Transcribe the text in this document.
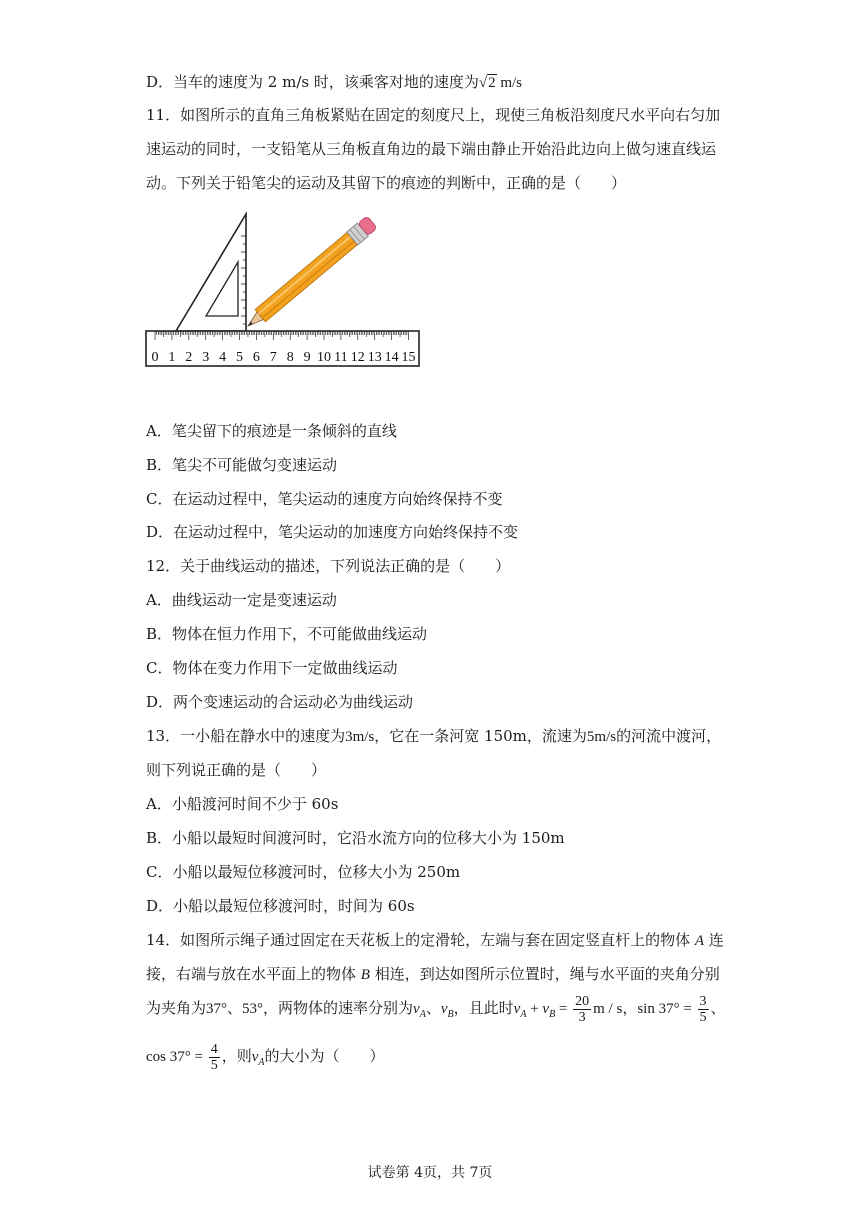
D．当车的速度为 2 m/s 时，该乘客对地的速度为√2 m/s
11．如图所示的直角三角板紧贴在固定的刻度尺上，现使三角板沿刻度尺水平向右匀加
速运动的同时，一支铅笔从三角板直角边的最下端由静止开始沿此边向上做匀速直线运
动。下列关于铅笔尖的运动及其留下的痕迹的判断中，正确的是（　　）
0 1 2 3 4 5 6 7 8 9 10 11 12 13 14 15
A．笔尖留下的痕迹是一条倾斜的直线
B．笔尖不可能做匀变速运动
C．在运动过程中，笔尖运动的速度方向始终保持不变
D．在运动过程中，笔尖运动的加速度方向始终保持不变
12．关于曲线运动的描述，下列说法正确的是（　　）
A．曲线运动一定是变速运动
B．物体在恒力作用下，不可能做曲线运动
C．物体在变力作用下一定做曲线运动
D．两个变速运动的合运动必为曲线运动
13．一小船在静水中的速度为3m/s，它在一条河宽 150m，流速为5m/s的河流中渡河，
则下列说正确的是（　　）
A．小船渡河时间不少于 60s
B．小船以最短时间渡河时，它沿水流方向的位移大小为 150m
C．小船以最短位移渡河时，位移大小为 250m
D．小船以最短位移渡河时，时间为 60s
14．如图所示绳子通过固定在天花板上的定滑轮，左端与套在固定竖直杆上的物体 A 连
接，右端与放在水平面上的物体 B 相连，到达如图所示位置时，绳与水平面的夹角分别
为夹角为37°、53°，两物体的速率分别为$v_A$、$v_B$，且此时$v_A + v_B = \frac{20}{3}$ m / s，$\sin 37^\circ = \frac{3}{5}$ 、
$\cos 37^\circ = \frac{4}{5}$ ，则$v_A$的大小为（　　）
试卷第 4页，共 7页
